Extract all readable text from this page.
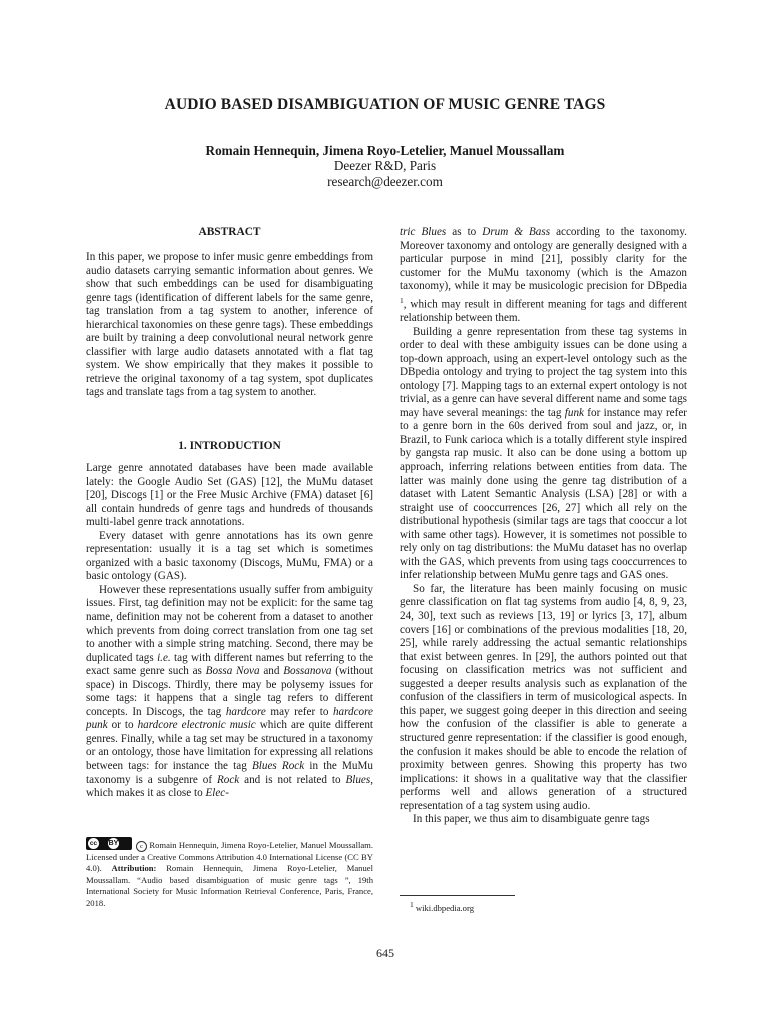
AUDIO BASED DISAMBIGUATION OF MUSIC GENRE TAGS
Romain Hennequin, Jimena Royo-Letelier, Manuel Moussallam
Deezer R&D, Paris
research@deezer.com
ABSTRACT

In this paper, we propose to infer music genre embeddings from audio datasets carrying semantic information about genres. We show that such embeddings can be used for disambiguating genre tags (identification of different labels for the same genre, tag translation from a tag system to another, inference of hierarchical taxonomies on these genre tags). These embeddings are built by training a deep convolutional neural network genre classifier with large audio datasets annotated with a flat tag system. We show empirically that they makes it possible to retrieve the original taxonomy of a tag system, spot duplicates tags and translate tags from a tag system to another.

1. INTRODUCTION

Large genre annotated databases have been made available lately: the Google Audio Set (GAS) [12], the MuMu dataset [20], Discogs [1] or the Free Music Archive (FMA) dataset [6] all contain hundreds of genre tags and hundreds of thousands multi-label genre track annotations.

Every dataset with genre annotations has its own genre representation: usually it is a tag set which is sometimes organized with a basic taxonomy (Discogs, MuMu, FMA) or a basic ontology (GAS).

However these representations usually suffer from ambiguity issues. First, tag definition may not be explicit: for the same tag name, definition may not be coherent from a dataset to another which prevents from doing correct translation from one tag set to another with a simple string matching. Second, there may be duplicated tags i.e. tag with different names but referring to the exact same genre such as Bossa Nova and Bossanova (without space) in Discogs. Thirdly, there may be polysemy issues for some tags: it happens that a single tag refers to different concepts. In Discogs, the tag hardcore may refer to hardcore punk or to hardcore electronic music which are quite different genres. Finally, while a tag set may be structured in a taxonomy or an ontology, those have limitation for expressing all relations between tags: for instance the tag Blues Rock in the MuMu taxonomy is a subgenre of Rock and is not related to Blues, which makes it as close to Elec-

cc BY	c Romain Hennequin, Jimena Royo-Letelier, Manuel Moussallam. Licensed under a Creative Commons Attribution 4.0 International License (CC BY 4.0). Attribution: Romain Hennequin, Jimena Royo-Letelier, Manuel Moussallam. “Audio based disambiguation of music genre tags ”, 19th International Society for Music Information Retrieval Conference, Paris, France, 2018.

tric Blues as to Drum & Bass according to the taxonomy. Moreover taxonomy and ontology are generally designed with a particular purpose in mind [21], possibly clarity for the customer for the MuMu taxonomy (which is the Amazon taxonomy), while it may be musicologic precision for DBpedia $^1$, which may result in different meaning for tags and different relationship between them.

Building a genre representation from these tag systems in order to deal with these ambiguity issues can be done using a top-down approach, using an expert-level ontology such as the DBpedia ontology and trying to project the tag system into this ontology [7]. Mapping tags to an external expert ontology is not trivial, as a genre can have several different name and some tags may have several meanings: the tag funk for instance may refer to a genre born in the 60s derived from soul and jazz, or, in Brazil, to Funk carioca which is a totally different style inspired by gangsta rap music. It also can be done using a bottom up approach, inferring relations between entities from data. The latter was mainly done using the genre tag distribution of a dataset with Latent Semantic Analysis (LSA) [28] or with a straight use of cooccurrences [26, 27] which all rely on the distributional hypothesis (similar tags are tags that cooccur a lot with same other tags). However, it is sometimes not possible to rely only on tag distributions: the MuMu dataset has no overlap with the GAS, which prevents from using tags cooccurrences to infer relationship between MuMu genre tags and GAS ones.

So far, the literature has been mainly focusing on music genre classification on flat tag systems from audio [4, 8, 9, 23, 24, 30], text such as reviews [13, 19] or lyrics [3, 17], album covers [16] or combinations of the previous modalities [18, 20, 25], while rarely addressing the actual semantic relationships that exist between genres. In [29], the authors pointed out that focusing on classification metrics was not sufficient and suggested a deeper results analysis such as explanation of the confusion of the classifiers in term of musicological aspects. In this paper, we suggest going deeper in this direction and seeing how the confusion of the classifier is able to generate a structured genre representation: if the classifier is good enough, the confusion it makes should be able to encode the relation of proximity between genres. Showing this property has two implications: it shows in a qualitative way that the classifier performs well and allows generation of a structured representation of a tag system using audio.

In this paper, we thus aim to disambiguate genre tags

$^1$ wiki.dbpedia.org
645
